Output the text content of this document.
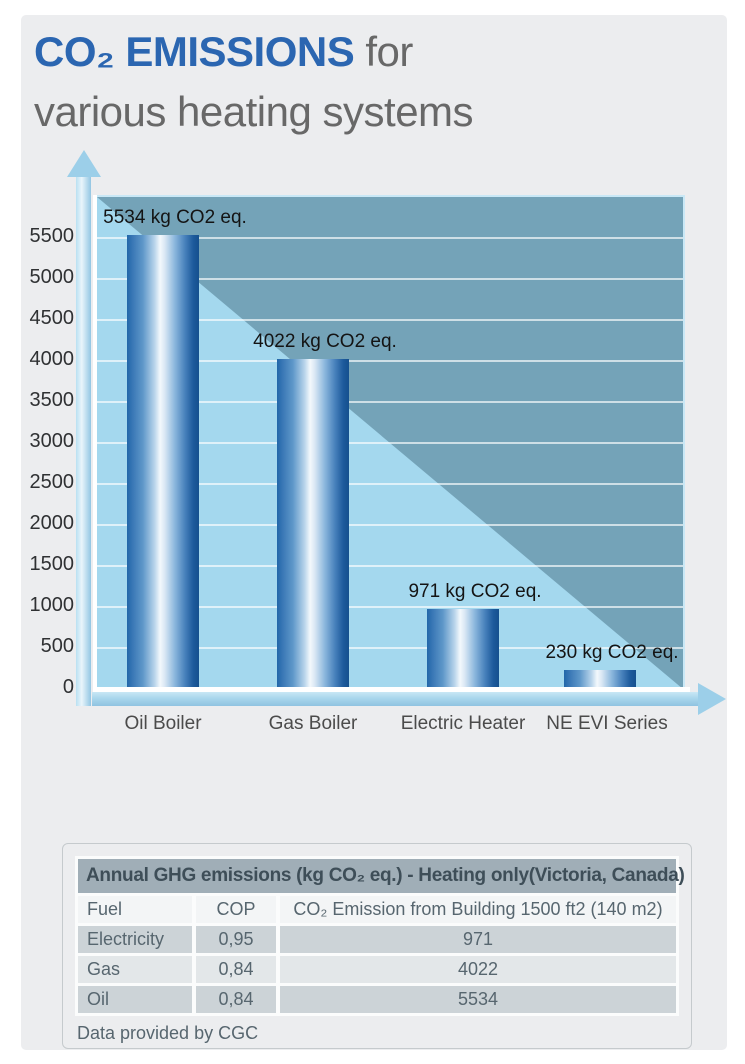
CO₂ EMISSIONS for
various heating systems
0
500
1000
1500
2000
2500
3000
3500
4000
4500
5000
5500
5534 kg CO2 eq.
4022 kg CO2 eq.
971 kg CO2 eq.
230 kg CO2 eq.
Oil Boiler	Gas Boiler Electric Heater NE EVI Series
Annual GHG emissions (kg CO₂ eq.) - Heating only(Victoria, Canada)
Fuel	COP	CO₂ Emission from Building 1500 ft2 (140 m2)
Electricity	0,95	971
Gas	0,84	4022
Oil	0,84	5534
Data provided by CGC
